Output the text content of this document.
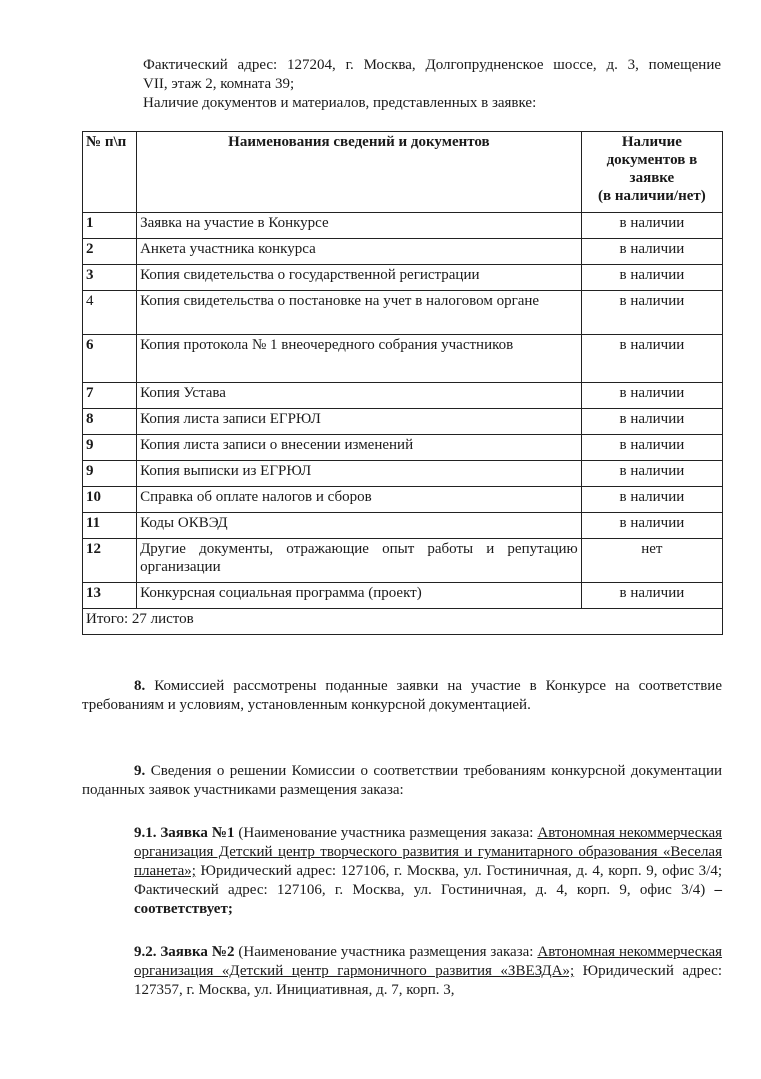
Фактический адрес: 127204, г. Москва, Долгопрудненское шоссе, д. 3, помещение

VII, этаж 2, комната 39;

Наличие документов и материалов, представленных в заявке:

№ п\п	Наименования сведений и документов	Наличие
документов в
заявке
(в наличии/нет)

1	Заявка на участие в Конкурсе	в наличии
2	Анкета участника конкурса	в наличии
3	Копия свидетельства о государственной регистрации	в наличии
4	Копия свидетельства о постановке на учет в налоговом органе	в наличии
6	Копия протокола № 1 внеочередного собрания участников	в наличии
7	Копия Устава	в наличии
8	Копия листа записи ЕГРЮЛ	в наличии
9	Копия листа записи о внесении изменений	в наличии
9	Копия выписки из ЕГРЮЛ	в наличии
10	Справка об оплате налогов и сборов	в наличии
11	Коды ОКВЭД	в наличии
12	Другие документы, отражающие опыт работы и репутацию организации	нет
13	Конкурсная социальная программа (проект)	в наличии
Итого: 27 листов		

8. Комиссией рассмотрены поданные заявки на участие в Конкурсе на соответствие требованиям и условиям, установленным конкурсной документацией.

9. Сведения о решении Комиссии о соответствии требованиям конкурсной документации поданных заявок участниками размещения заказа:

9.1. Заявка №1 (Наименование участника размещения заказа: Автономная некоммерческая организация Детский центр творческого развития и гуманитарного образования «Веселая планета»; Юридический адрес: 127106, г. Москва, ул. Гостиничная, д. 4, корп. 9, офис 3/4; Фактический адрес: 127106, г. Москва, ул. Гостиничная, д. 4, корп. 9, офис 3/4) – соответствует;

9.2. Заявка №2 (Наименование участника размещения заказа: Автономная некоммерческая организация «Детский центр гармоничного развития «ЗВЕЗДА»; Юридический адрес: 127357, г. Москва, ул. Инициативная, д. 7, корп. 3,
